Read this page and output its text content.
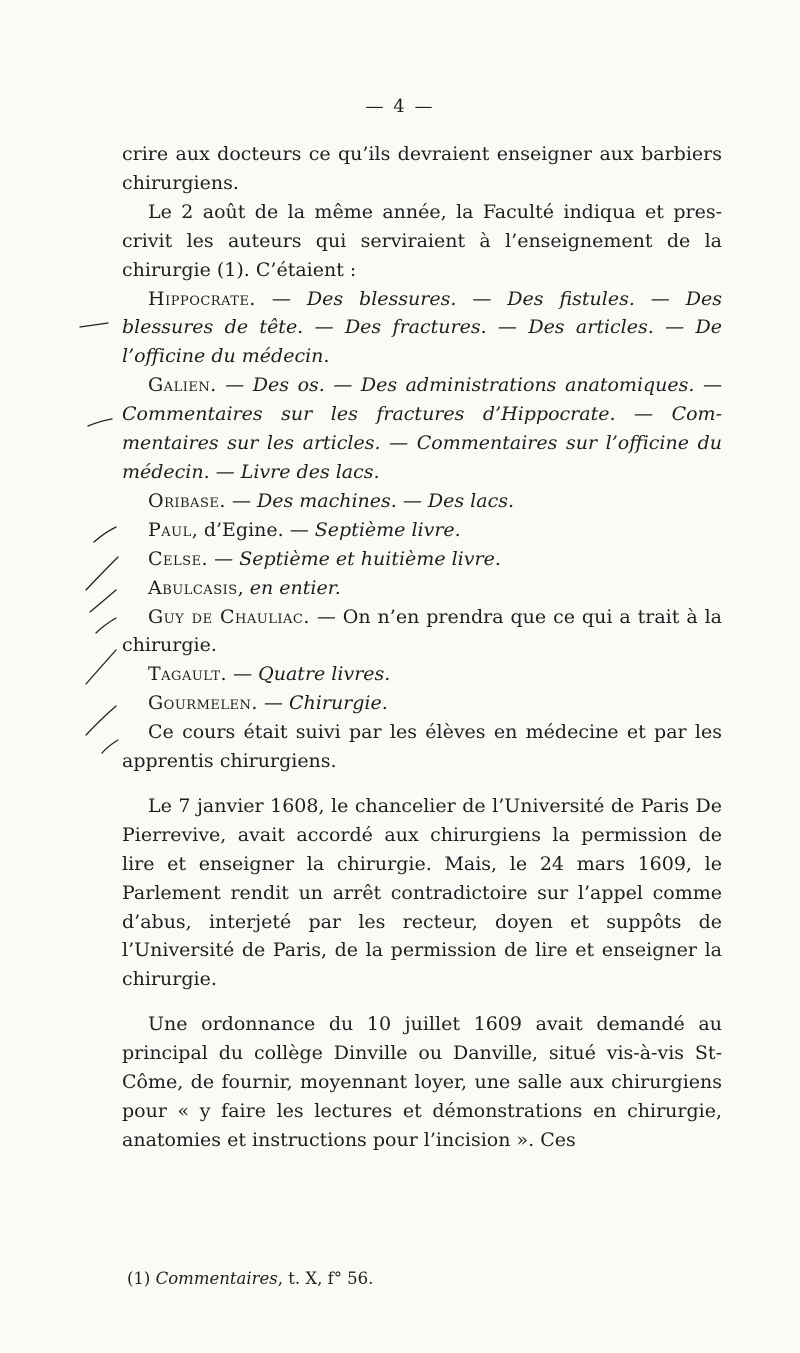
— 4 —

crire aux docteurs ce qu’ils devraient enseigner aux barbiers chirurgiens.

Le 2 août de la même année, la Faculté indiqua et prescrivit les auteurs qui serviraient à l’enseignement de la chirurgie (1). C’étaient :

Hippocrate. — Des blessures. — Des fistules. — Des blessures de tête. — Des fractures. — Des articles. — De l’officine du médecin.

Galien. — Des os. — Des administrations anatomiques. — Commentaires sur les fractures d’Hippocrate. — Commentaires sur les articles. — Commentaires sur l’officine du médecin. — Livre des lacs.

Oribase. — Des machines. — Des lacs.

Paul, d’Egine. — Septième livre.

Celse. — Septième et huitième livre.

Abulcasis, en entier.

Guy de Chauliac. — On n’en prendra que ce qui a trait à la chirurgie.

Tagault. — Quatre livres.

Gourmelen. — Chirurgie.

Ce cours était suivi par les élèves en médecine et par les apprentis chirurgiens.

Le 7 janvier 1608, le chancelier de l’Université de Paris De Pierrevive, avait accordé aux chirurgiens la permission de lire et enseigner la chirurgie. Mais, le 24 mars 1609, le Parlement rendit un arrêt contradictoire sur l’appel comme d’abus, interjeté par les recteur, doyen et suppôts de l’Université de Paris, de la permission de lire et enseigner la chirurgie.

Une ordonnance du 10 juillet 1609 avait demandé au principal du collège Dinville ou Danville, situé vis-à-vis St-Côme, de fournir, moyennant loyer, une salle aux chirurgiens pour « y faire les lectures et démonstrations en chirurgie, anatomies et instructions pour l’incision ». Ces

(1) Commentaires, t. X, f° 56.
